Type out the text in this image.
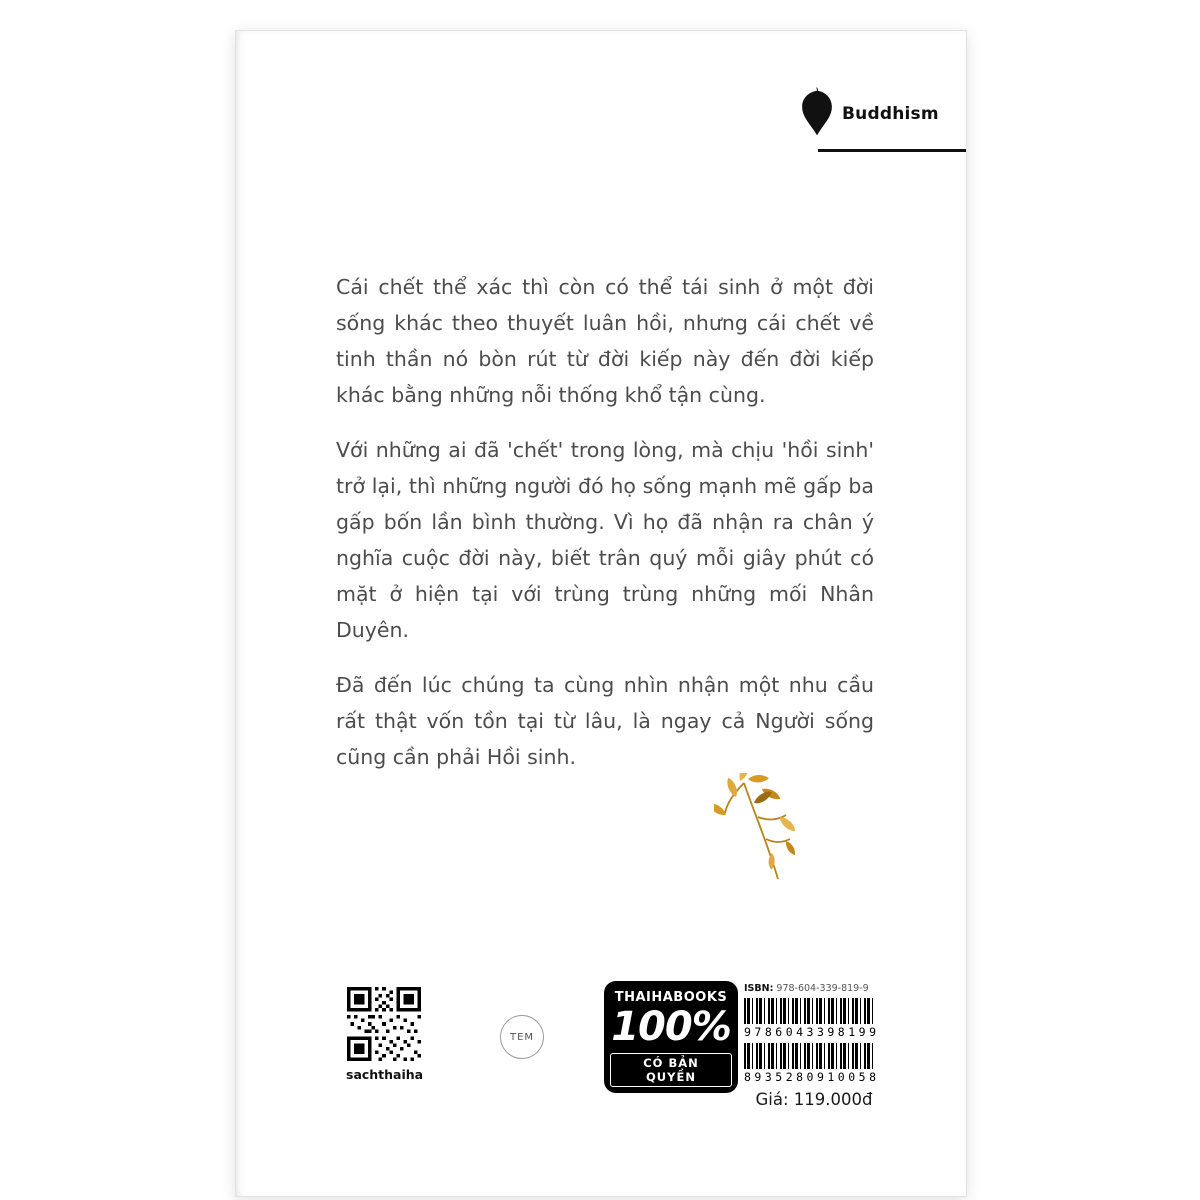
Buddhism

Cái chết thể xác thì còn có thể tái sinh ở một đời sống khác theo thuyết luân hồi, nhưng cái chết về tinh thần nó bòn rút từ đời kiếp này đến đời kiếp khác bằng những nỗi thống khổ tận cùng.

Với những ai đã 'chết' trong lòng, mà chịu 'hồi sinh' trở lại, thì những người đó họ sống mạnh mẽ gấp ba gấp bốn lần bình thường. Vì họ đã nhận ra chân ý nghĩa cuộc đời này, biết trân quý mỗi giây phút có mặt ở hiện tại với trùng trùng những mối Nhân Duyên.

Đã đến lúc chúng ta cùng nhìn nhận một nhu cầu rất thật vốn tồn tại từ lâu, là ngay cả Người sống cũng cần phải Hồi sinh.

sachthaiha
TEM
THAIHABOOKS
100%
CÓ BẢN QUYỀN
ISBN: 978-604-339-819-9
9786043398199
8935280910058
Giá: 119.000đ
